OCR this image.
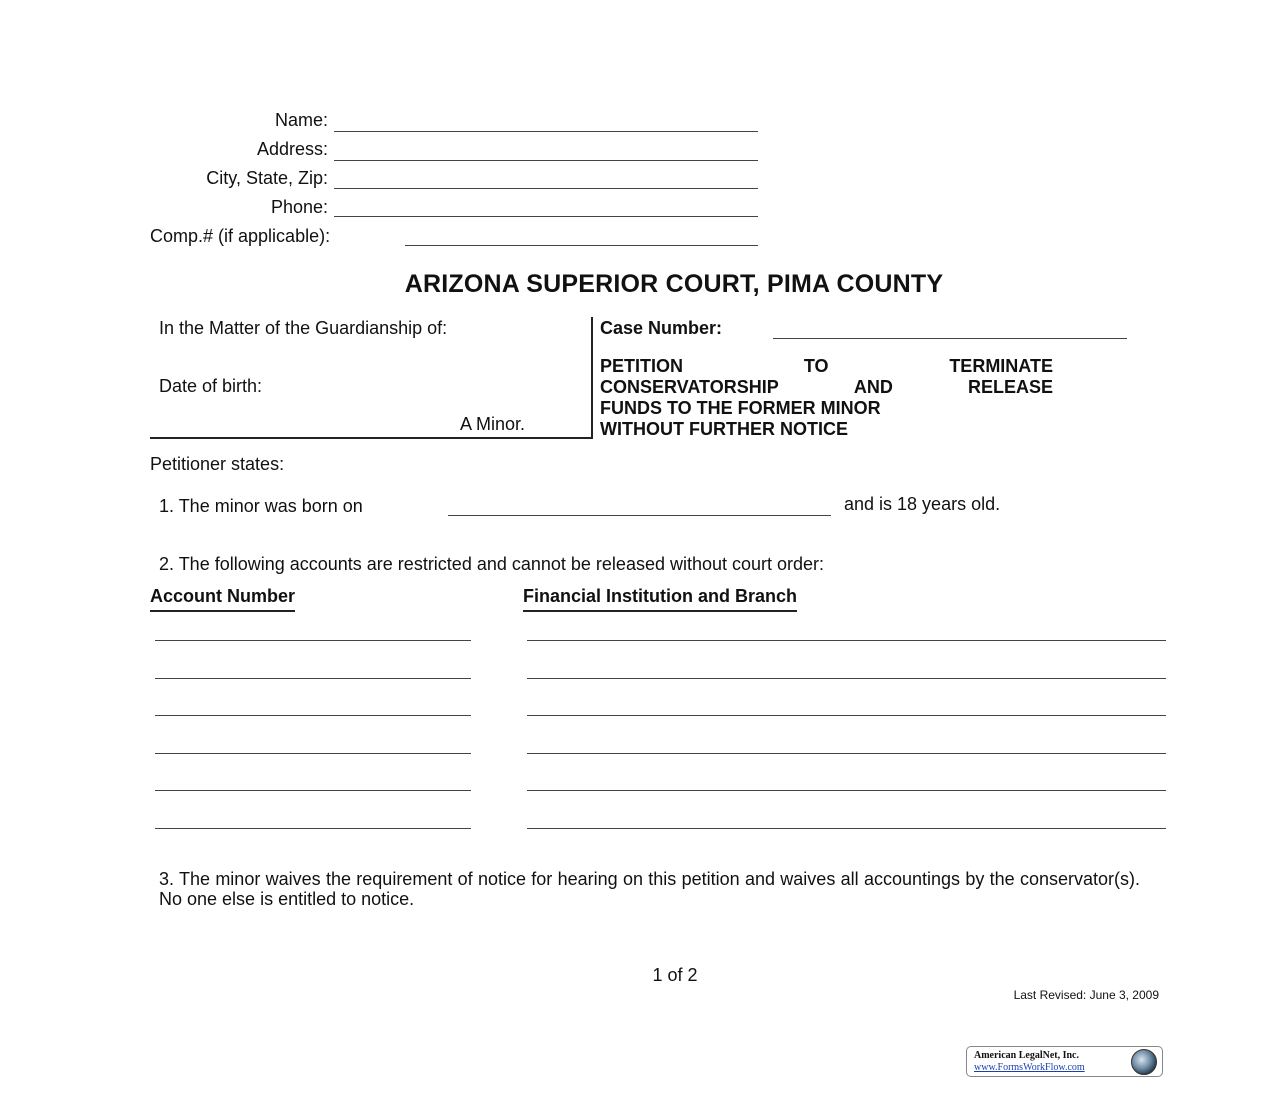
Name:
Address:
City, State, Zip:
Phone:
Comp.# (if applicable):
ARIZONA SUPERIOR COURT, PIMA COUNTY
In the Matter of the Guardianship of:
Date of birth:
A Minor.
Case Number:
PETITION	TO	TERMINATE
CONSERVATORSHIP	AND	RELEASE
FUNDS TO THE FORMER MINOR
WITHOUT FURTHER NOTICE
Petitioner states:
1. The minor was born on	and is 18 years old.
2. The following accounts are restricted and cannot be released without court order:
Account Number	Financial Institution and Branch
3. The minor waives the requirement of notice for hearing on this petition and waives all accountings by the conservator(s). No one else is entitled to notice.
1 of 2
Last Revised: June 3, 2009
American LegalNet, Inc.
www.FormsWorkFlow.com
